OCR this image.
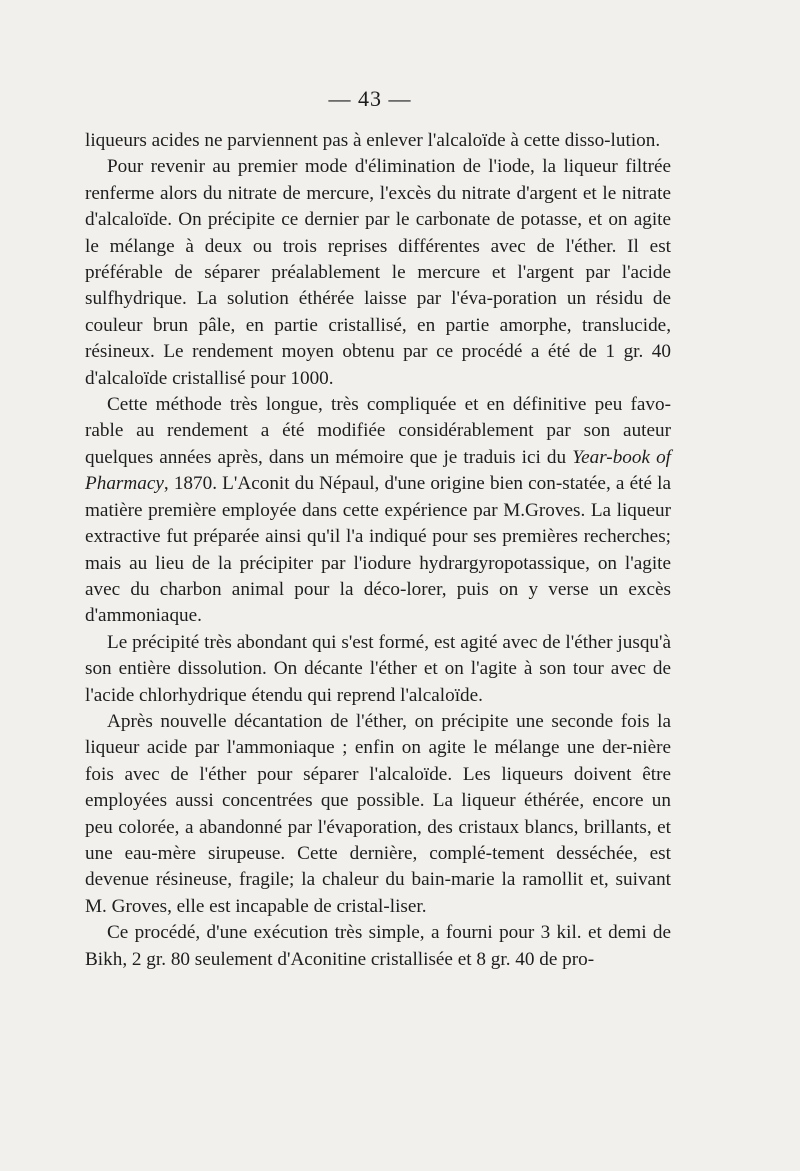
— 43 —

liqueurs acides ne parviennent pas à enlever l'alcaloïde à cette disso-lution.

Pour revenir au premier mode d'élimination de l'iode, la liqueur filtrée renferme alors du nitrate de mercure, l'excès du nitrate d'argent et le nitrate d'alcaloïde. On précipite ce dernier par le carbonate de potasse, et on agite le mélange à deux ou trois reprises différentes avec de l'éther. Il est préférable de séparer préalablement le mercure et l'argent par l'acide sulfhydrique. La solution éthérée laisse par l'éva-poration un résidu de couleur brun pâle, en partie cristallisé, en partie amorphe, translucide, résineux. Le rendement moyen obtenu par ce procédé a été de 1 gr. 40 d'alcaloïde cristallisé pour 1000.

Cette méthode très longue, très compliquée et en définitive peu favo-rable au rendement a été modifiée considérablement par son auteur quelques années après, dans un mémoire que je traduis ici du Year-book of Pharmacy, 1870. L'Aconit du Népaul, d'une origine bien con-statée, a été la matière première employée dans cette expérience par M.Groves. La liqueur extractive fut préparée ainsi qu'il l'a indiqué pour ses premières recherches; mais au lieu de la précipiter par l'iodure hydrargyropotassique, on l'agite avec du charbon animal pour la déco-lorer, puis on y verse un excès d'ammoniaque.

Le précipité très abondant qui s'est formé, est agité avec de l'éther jusqu'à son entière dissolution. On décante l'éther et on l'agite à son tour avec de l'acide chlorhydrique étendu qui reprend l'alcaloïde.

Après nouvelle décantation de l'éther, on précipite une seconde fois la liqueur acide par l'ammoniaque ; enfin on agite le mélange une der-nière fois avec de l'éther pour séparer l'alcaloïde. Les liqueurs doivent être employées aussi concentrées que possible. La liqueur éthérée, encore un peu colorée, a abandonné par l'évaporation, des cristaux blancs, brillants, et une eau-mère sirupeuse. Cette dernière, complé-tement desséchée, est devenue résineuse, fragile; la chaleur du bain-marie la ramollit et, suivant M. Groves, elle est incapable de cristal-liser.

Ce procédé, d'une exécution très simple, a fourni pour 3 kil. et demi de Bikh, 2 gr. 80 seulement d'Aconitine cristallisée et 8 gr. 40 de pro-
